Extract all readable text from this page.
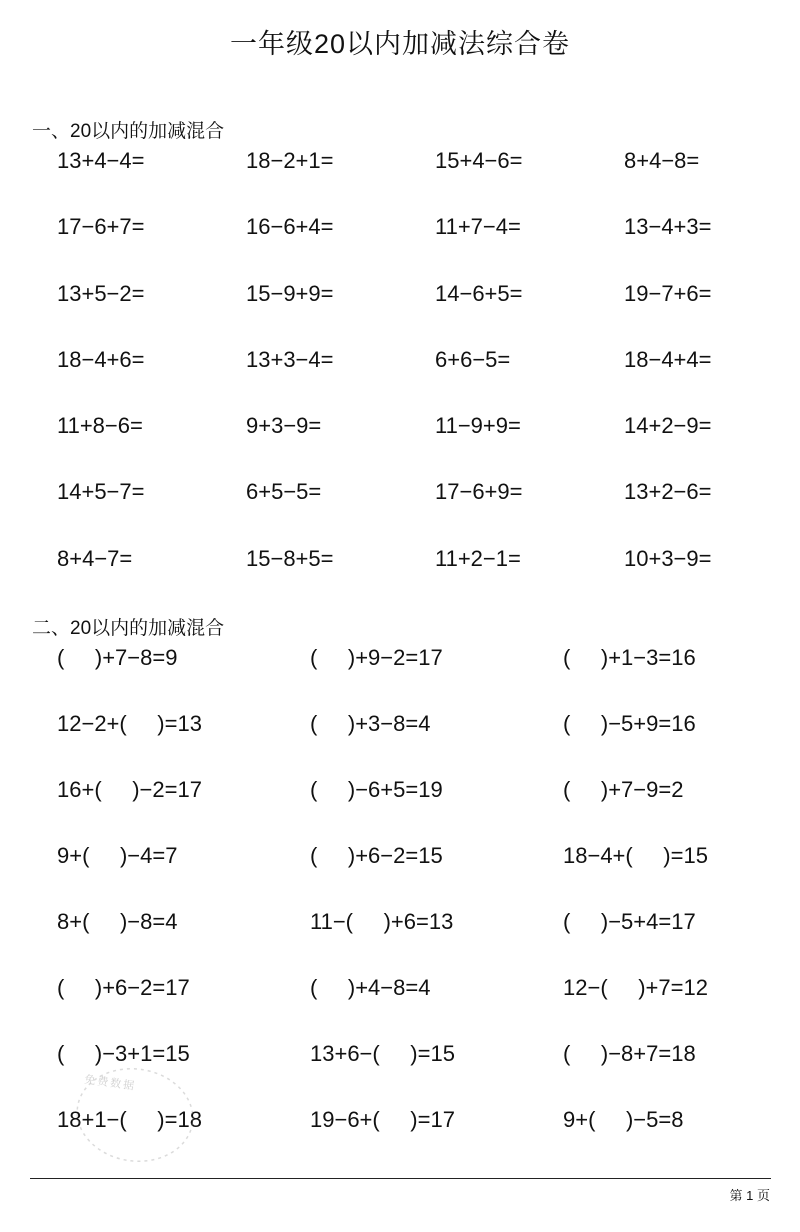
一年级20以内加减法综合卷
一、20以内的加减混合
13+4−4=	18−2+1=	15+4−6=	8+4−8=
17−6+7=	16−6+4=	11+7−4=	13−4+3=
13+5−2=	15−9+9=	14−6+5=	19−7+6=
18−4+6=	13+3−4=	6+6−5=	18−4+4=
11+8−6=	9+3−9=	11−9+9=	14+2−9=
14+5−7=	6+5−5=	17−6+9=	13+2−6=
8+4−7=	15−8+5=	11+2−1=	10+3−9=
二、20以内的加减混合
(     )+7−8=9	(     )+9−2=17	(     )+1−3=16
12−2+(     )=13	(     )+3−8=4	(     )−5+9=16
16+(     )−2=17	(     )−6+5=19	(     )+7−9=2
9+(     )−4=7	(     )+6−2=15	18−4+(     )=15
8+(     )−8=4	11−(     )+6=13	(     )−5+4=17
(     )+6−2=17	(     )+4−8=4	12−(     )+7=12
(     )−3+1=15	13+6−(     )=15	(     )−8+7=18
18+1−(     )=18	19−6+(     )=17	9+(     )−5=8
免费数据
第 1 页
